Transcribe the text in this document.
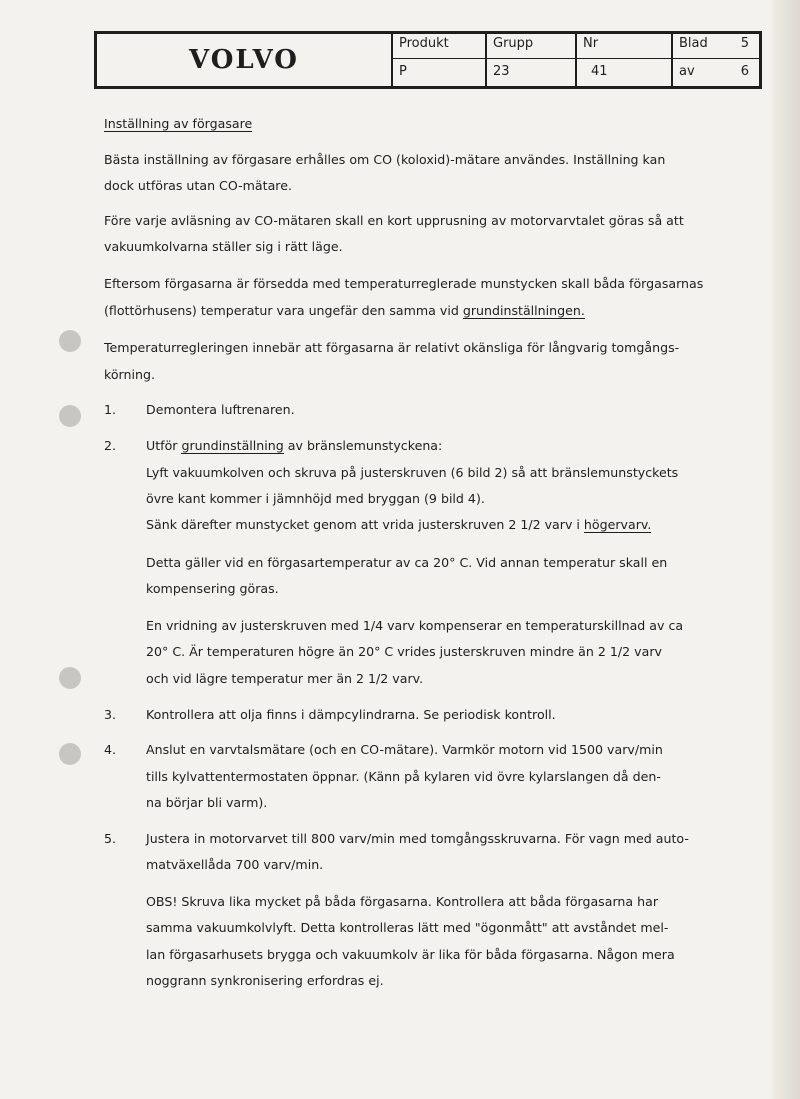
VOLVO
Produkt
P
Grupp
23
Nr
41
Blad	5
av	6
Inställning av förgasare
Bästa inställning av förgasare erhålles om CO (koloxid)-mätare användes. Inställning kan
dock utföras utan CO-mätare.
Före varje avläsning av CO-mätaren skall en kort upprusning av motorvarvtalet göras så att
vakuumkolvarna ställer sig i rätt läge.
Eftersom förgasarna är försedda med temperaturreglerade munstycken skall båda förgasarnas
(flottörhusens) temperatur vara ungefär den samma vid grundinställningen.
Temperaturregleringen innebär att förgasarna är relativt okänsliga för långvarig tomgångs-
körning.
1. Demontera luftrenaren.
2. Utför grundinställning av bränslemunstyckena:
Lyft vakuumkolven och skruva på justerskruven (6 bild 2) så att bränslemunstyckets
övre kant kommer i jämnhöjd med bryggan (9 bild 4).
Sänk därefter munstycket genom att vrida justerskruven 2 1/2 varv i högervarv.
Detta gäller vid en förgasartemperatur av ca 20° C. Vid annan temperatur skall en
kompensering göras.
En vridning av justerskruven med 1/4 varv kompenserar en temperaturskillnad av ca
20° C. Är temperaturen högre än 20° C vrides justerskruven mindre än 2 1/2 varv
och vid lägre temperatur mer än 2 1/2 varv.
3. Kontrollera att olja finns i dämpcylindrarna. Se periodisk kontroll.
4. Anslut en varvtalsmätare (och en CO-mätare). Varmkör motorn vid 1500 varv/min
tills kylvattentermostaten öppnar. (Känn på kylaren vid övre kylarslangen då den-
na börjar bli varm).
5. Justera in motorvarvet till 800 varv/min med tomgångsskruvarna. För vagn med auto-
matväxellåda 700 varv/min.
OBS! Skruva lika mycket på båda förgasarna. Kontrollera att båda förgasarna har
samma vakuumkolvlyft. Detta kontrolleras lätt med "ögonmått" att avståndet mel-
lan förgasarhusets brygga och vakuumkolv är lika för båda förgasarna. Någon mera
noggrann synkronisering erfordras ej.
